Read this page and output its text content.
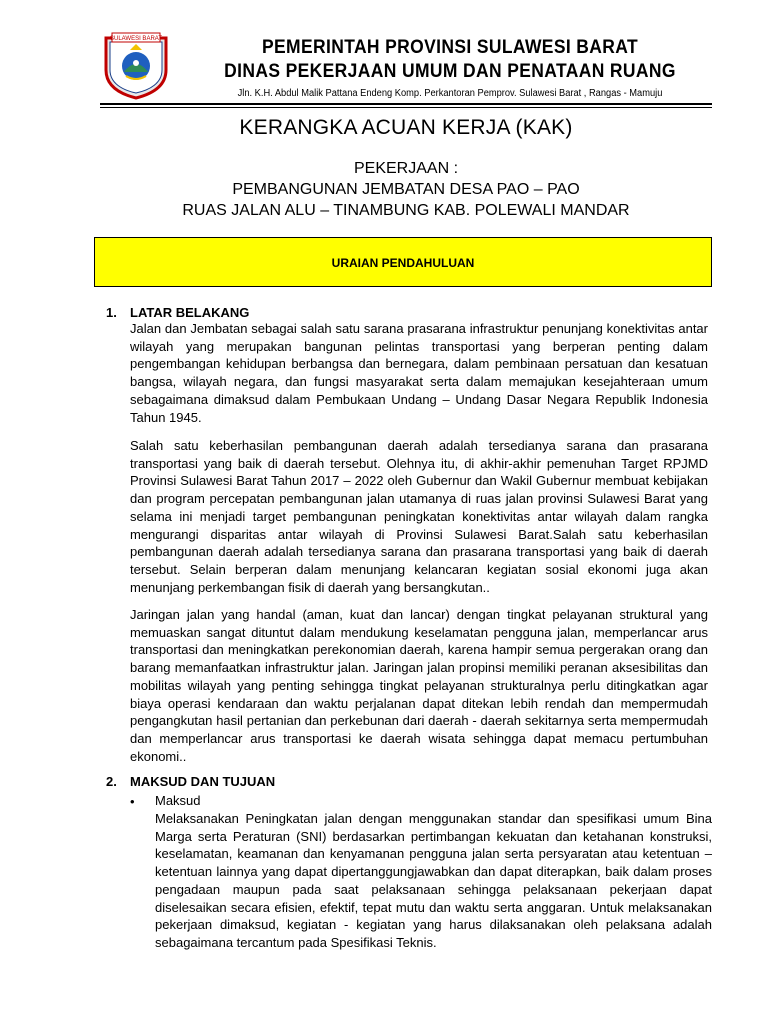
SULAWESI BARAT	PEMERINTAH PROVINSI SULAWESI BARAT
DINAS PEKERJAAN UMUM DAN PENATAAN RUANG
Jln. K.H. Abdul Malik Pattana Endeng Komp. Perkantoran Pemprov. Sulawesi Barat , Rangas - Mamuju
KERANGKA ACUAN KERJA (KAK)
PEKERJAAN :
PEMBANGUNAN JEMBATAN DESA PAO – PAO
RUAS JALAN ALU – TINAMBUNG KAB. POLEWALI MANDAR
URAIAN PENDAHULUAN
1. LATAR BELAKANG
Jalan dan Jembatan sebagai salah satu sarana prasarana infrastruktur penunjang konektivitas antar wilayah yang merupakan bangunan pelintas transportasi yang berperan penting dalam pengembangan kehidupan berbangsa dan bernegara, dalam pembinaan persatuan dan kesatuan bangsa, wilayah negara, dan fungsi masyarakat serta dalam memajukan kesejahteraan umum sebagaimana dimaksud dalam Pembukaan Undang – Undang Dasar Negara Republik Indonesia Tahun 1945.
Salah satu keberhasilan pembangunan daerah adalah tersedianya sarana dan prasarana transportasi yang baik di daerah tersebut. Olehnya itu, di akhir-akhir pemenuhan Target RPJMD Provinsi Sulawesi Barat Tahun 2017 – 2022 oleh Gubernur dan Wakil Gubernur membuat kebijakan dan program percepatan pembangunan jalan utamanya di ruas jalan provinsi Sulawesi Barat yang selama ini menjadi target pembangunan peningkatan konektivitas antar wilayah dalam rangka mengurangi disparitas antar wilayah di Provinsi Sulawesi Barat.Salah satu keberhasilan pembangunan daerah adalah tersedianya sarana dan prasarana transportasi yang baik di daerah tersebut. Selain berperan dalam menunjang kelancaran kegiatan sosial ekonomi juga akan menunjang perkembangan fisik di daerah yang bersangkutan..
Jaringan jalan yang handal (aman, kuat dan lancar) dengan tingkat pelayanan struktural yang memuaskan sangat dituntut dalam mendukung keselamatan pengguna jalan, memperlancar arus transportasi dan meningkatkan perekonomian daerah, karena hampir semua pergerakan orang dan barang memanfaatkan infrastruktur jalan. Jaringan jalan propinsi memiliki peranan aksesibilitas dan mobilitas wilayah yang penting sehingga tingkat pelayanan strukturalnya perlu ditingkatkan agar biaya operasi kendaraan dan waktu perjalanan dapat ditekan lebih rendah dan mempermudah pengangkutan hasil pertanian dan perkebunan dari daerah - daerah sekitarnya serta mempermudah dan memperlancar arus transportasi ke daerah wisata sehingga dapat memacu pertumbuhan ekonomi..
2. MAKSUD DAN TUJUAN
• Maksud
Melaksanakan Peningkatan jalan dengan menggunakan standar dan spesifikasi umum Bina Marga serta Peraturan (SNI) berdasarkan pertimbangan kekuatan dan ketahanan konstruksi, keselamatan, keamanan dan kenyamanan pengguna jalan serta persyaratan atau ketentuan – ketentuan lainnya yang dapat dipertanggungjawabkan dan dapat diterapkan, baik dalam proses pengadaan maupun pada saat pelaksanaan sehingga pelaksanaan pekerjaan dapat diselesaikan secara efisien, efektif, tepat mutu dan waktu serta anggaran. Untuk melaksanakan pekerjaan dimaksud, kegiatan - kegiatan yang harus dilaksanakan oleh pelaksana adalah sebagaimana tercantum pada Spesifikasi Teknis.
